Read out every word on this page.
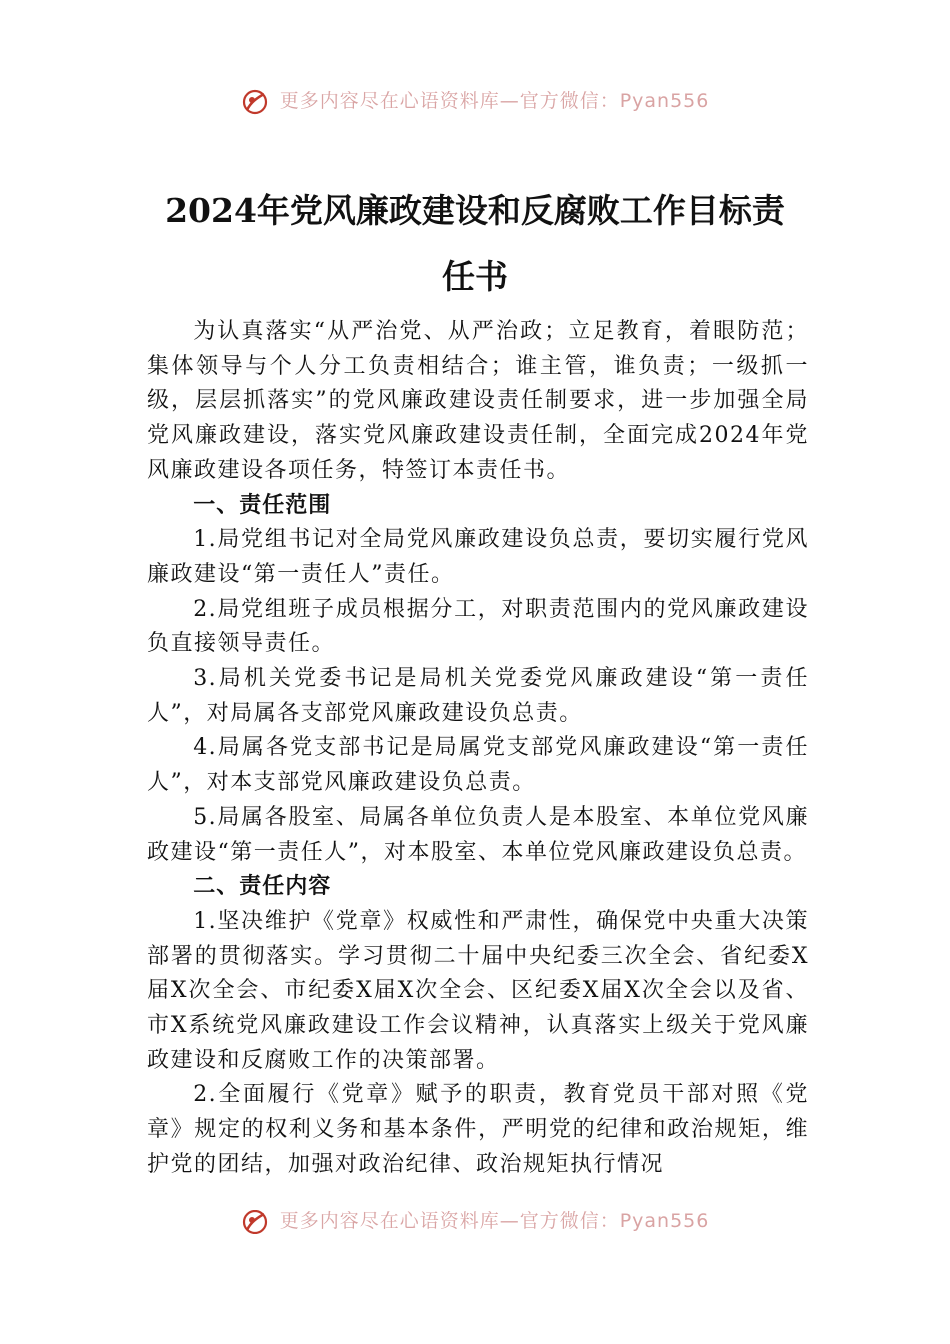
更多内容尽在心语资料库—官方微信：Pyan556
2024年党风廉政建设和反腐败工作目标责
任书

为认真落实“从严治党、从严治政；立足教育，着眼防范；集体领导与个人分工负责相结合；谁主管，谁负责；一级抓一级，层层抓落实”的党风廉政建设责任制要求，进一步加强全局党风廉政建设，落实党风廉政建设责任制，全面完成2024年党风廉政建设各项任务，特签订本责任书。

一、责任范围

1.局党组书记对全局党风廉政建设负总责，要切实履行党风廉政建设“第一责任人”责任。

2.局党组班子成员根据分工，对职责范围内的党风廉政建设负直接领导责任。

3.局机关党委书记是局机关党委党风廉政建设“第一责任人”，对局属各支部党风廉政建设负总责。

4.局属各党支部书记是局属党支部党风廉政建设“第一责任人”，对本支部党风廉政建设负总责。

5.局属各股室、局属各单位负责人是本股室、本单位党风廉政建设“第一责任人”，对本股室、本单位党风廉政建设负总责。

二、责任内容

1.坚决维护《党章》权威性和严肃性，确保党中央重大决策部署的贯彻落实。学习贯彻二十届中央纪委三次全会、省纪委X届X次全会、市纪委X届X次全会、区纪委X届X次全会以及省、市X系统党风廉政建设工作会议精神，认真落实上级关于党风廉政建设和反腐败工作的决策部署。

2.全面履行《党章》赋予的职责，教育党员干部对照《党章》规定的权利义务和基本条件，严明党的纪律和政治规矩，维护党的团结，加强对政治纪律、政治规矩执行情况

更多内容尽在心语资料库—官方微信：Pyan556
